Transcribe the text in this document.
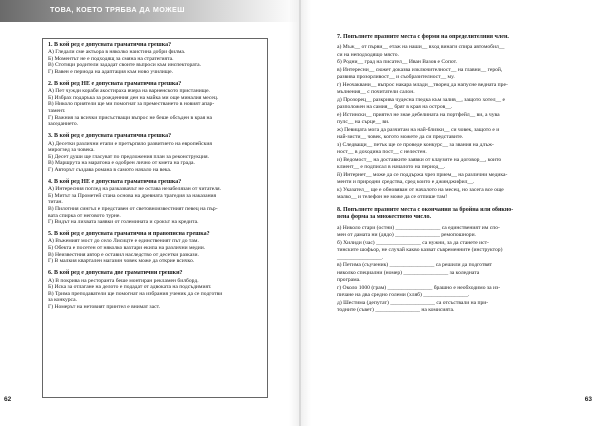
ТОВА, КОЕТО ТРЯБВА ДА МОЖЕШ
1. В кой ред е допусната граматична грешка?
А) Гледали сме актьора в няколко наистина добри филма.
Б) Моментът не е подходящ за смяна на стратегията.
В) Стотици родители зададат своите въпроси към инспектората.
Г) Вавен е периода на адаптация към ново училище.
2. В кой ред НЕ е допусната граматична грешка?
А) Пет чужди кораби акостираха вчера на варненското пристанище.
Б) Избрах подаръка за рожденния ден на майка ми още миналия месец.
В) Николо приятели ще ми помогнат за преместването в новият апар-
тамент.
Г) Важния за всички присъстващи въпрос не беше обсъден в края на
заседанието.
3. В кой ред е допусната граматична грешка?
А) Десетки различни етапи е претърпяло развитието на европейския
мирогзед за човека.
Б) Десет души ще гласуват по предложения план за реконструкция.
В) Маршрута на маратона е одобрен лично от кмета на града.
Г) Авторът създава романа в самото начало на века.
4. В кой ред НЕ е допусната граматична грешка?
А) Интересния поглед на разказвачът не остава незабелязан от читателя.
Б) Митът за Прометей стана основа на древната трагедия за наказания
титан.
В) Пилотния сингъл е представен от световноизвестният певец на пър-
вата спирка от неговото турне.
Г) Видът на лихвата заявки от големината и срокът на кредита.
5. В кой ред е допусната граматична и правописна грешка?
А) Въжемият мост до село Лисицте е единственият път до там.
Б) Обекта е посетен от няколко вахтари екипа на различни медии.
В) Неизвестния автор е оставил наследство от десетки разкази.
Г) В малкия квартален магазин човек може да открие всичко.
6. В кой ред е допусната две граматични грешки?
А) В покрива на ресторанта беше монтиран рекламен билборд.
Б) Иска за отлагане на делото е подадат от адвоката на подсъдимият.
В) Трима преподаватели ще помогнат на избрания ученик да се подготви
за конкурса.
Г) Номерът на нетовият принтел е внимат заст.
62
7. Попълнете празните места с форми на определителния член.
а) Мъж__ от първи__ етаж на наши__ вход винаги спира автомобил__
си на неподходящо място.
б) Родни__ град на писател__ Иван Вазов е Сопот.
в) Интересни__ сюжет доказва изключителност__ на главни__ герой,
развива прозорливост__ и съобразителност__ му.
г) Неочаквани__ въпрос накара млади__творец да напусне ведната пре-
мълнения__ с почитатели салон.
д) Прозорец__ разкрива чудесна гледка към залив__, защото хотел__ е
разположен на самия__ бряг в края на остров__.
е) Истински__ приятел не знае дебелината на портфейл__ ви, а чува
пулс__ на сърце__ ви.
ж) Певицата мога да разчитам на най-близки__ си човек, защото е и
най-зисти__ човек, когото можете да си представите.
з) Следващи__ петък ще се проведе конкурс__ за звания на длъж-
ност__ в доходина пост__ с нелестен.
и) Ведомост__ на доставките заявки от клаузите на договор__, които
клиент__ е подписал в началото на период__.
й) Интернет__ може да се поддържа чрез прием__ на различни медика-
менти и природни средства, сред които е джинджифил__.
к) Указател__ ще е обновяван от началото на месец, но засега все още
малко__ и телефон не може да се отпише там!
8. Попълнете празните места с окончания за бройна или обикно-
вена форма за множествено число.
а) Николо стари (остни) ________________ са единственият им спо-
мен от дамата ни (дядо) ________________ ремопошнори.
б) Хилиди (час) ________________ са нужни, за да станете ист-
тинските шофьор, не случай каквo казват съвременните (инструктор)
________________.
в) Петима (съученик) ________________ са решили да подготвят
няколко специални (номер) ________________ за коледната
програма.
г) Около 1000 (грам) ________________ брашно е необходимо за из-
пичане на два средно големи (хляб) ________________.
д) Шестима (депутат) ________________ са отсъствали на при-
тодните (съвет) ________________ на комисията.
63
